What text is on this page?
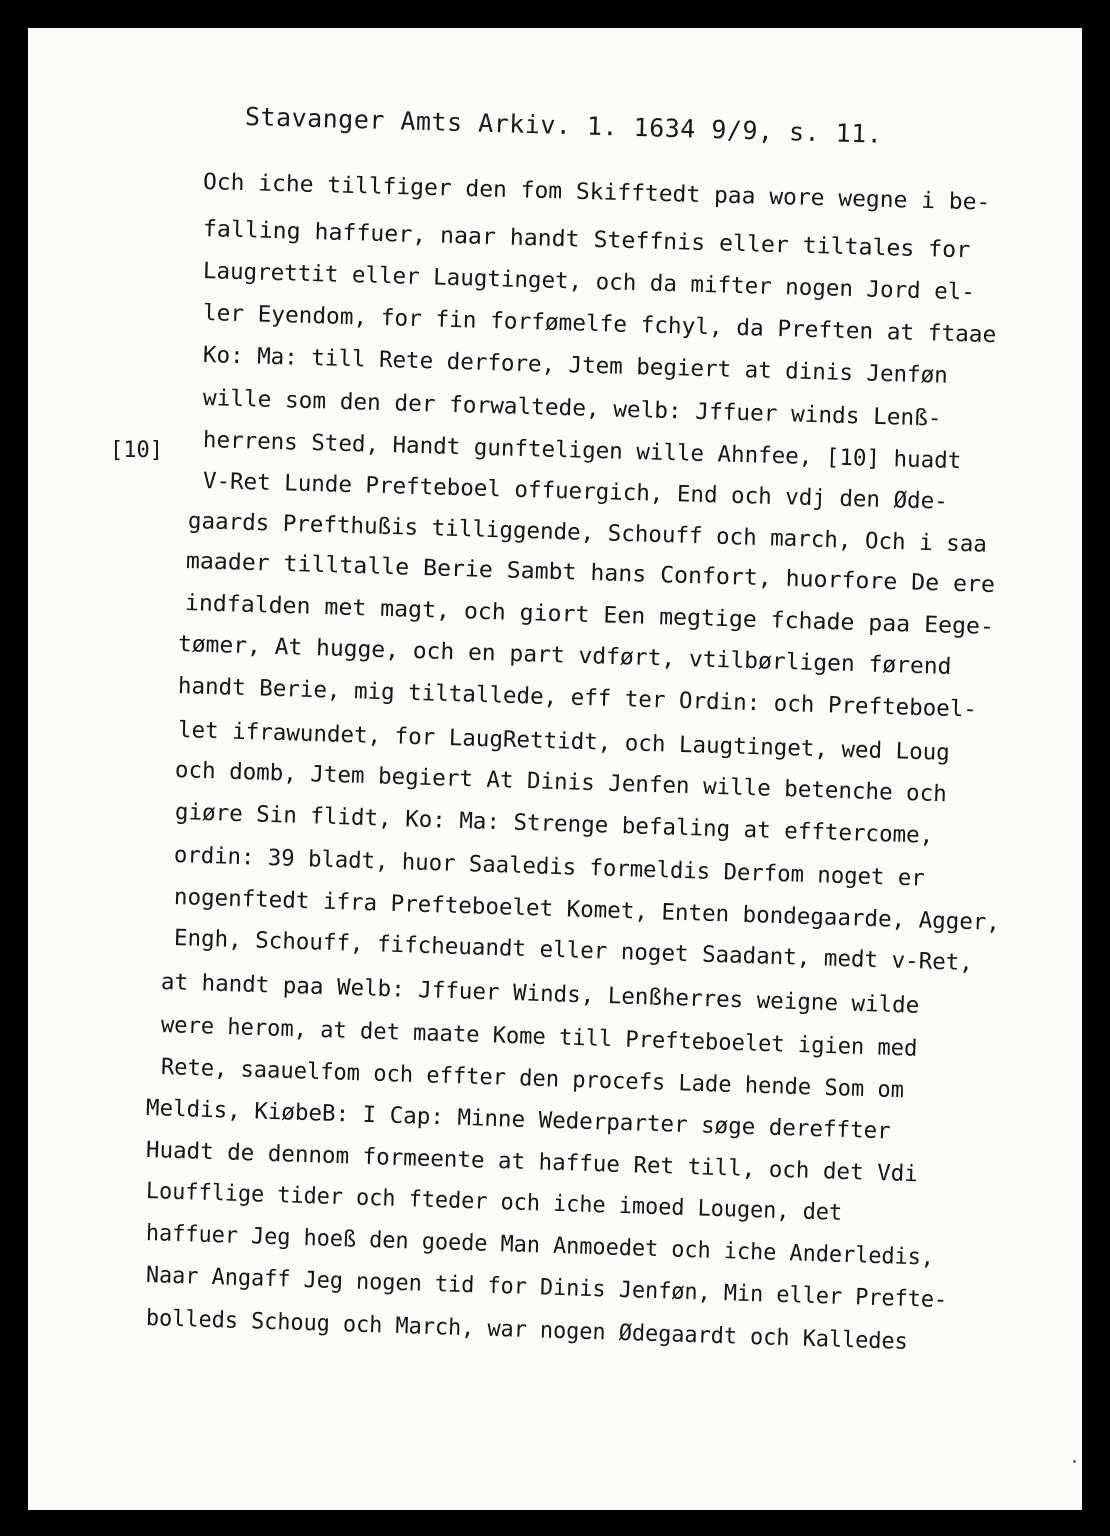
Stavanger Amts Arkiv. 1. 1634 9/9, s. 11.
[10]
Och iche tillfiger den fom Skifftedt paa wore wegne i be-
falling haffuer, naar handt Steffnis eller tiltales for
Laugrettit eller Laugtinget, och da mifter nogen Jord el-
ler Eyendom, for fin forfømelfe fchyl, da Preften at ftaae
Ko: Ma: till Rete derfore, Jtem begiert at dinis Jenføn
wille som den der forwaltede, welb: Jffuer winds Lenß-
herrens Sted, Handt gunfteligen wille Ahnfee, [10] huadt
V-Ret Lunde Prefteboel offuergich, End och vdj den Øde-
gaards Prefthußis tilliggende, Schouff och march, Och i saa
maader tilltalle Berie Sambt hans Confort, huorfore De ere
indfalden met magt, och giort Een megtige fchade paa Eege-
tømer, At hugge, och en part vdført, vtilbørligen førend
handt Berie, mig tiltallede, eff ter Ordin: och Prefteboel-
let ifrawundet, for LaugRettidt, och Laugtinget, wed Loug
och domb, Jtem begiert At Dinis Jenfen wille betenche och
giøre Sin flidt, Ko: Ma: Strenge befaling at efftercome,
ordin: 39 bladt, huor Saaledis formeldis Derfom noget er
nogenftedt ifra Prefteboelet Komet, Enten bondegaarde, Agger,
Engh, Schouff, fifcheuandt eller noget Saadant, medt v-Ret,
at handt paa Welb: Jffuer Winds, Lenßherres weigne wilde
were herom, at det maate Kome till Prefteboelet igien med
Rete, saauelfom och effter den procefs Lade hende Som om
Meldis, KiøbeB: I Cap: Minne Wederparter søge dereffter
Huadt de dennom formeente at haffue Ret till, och det Vdi
Loufflige tider och fteder och iche imoed Lougen, det
haffuer Jeg hoeß den goede Man Anmoedet och iche Anderledis,
Naar Angaff Jeg nogen tid for Dinis Jenføn, Min eller Prefte-
bolleds Schoug och March, war nogen Ødegaardt och Kalledes
